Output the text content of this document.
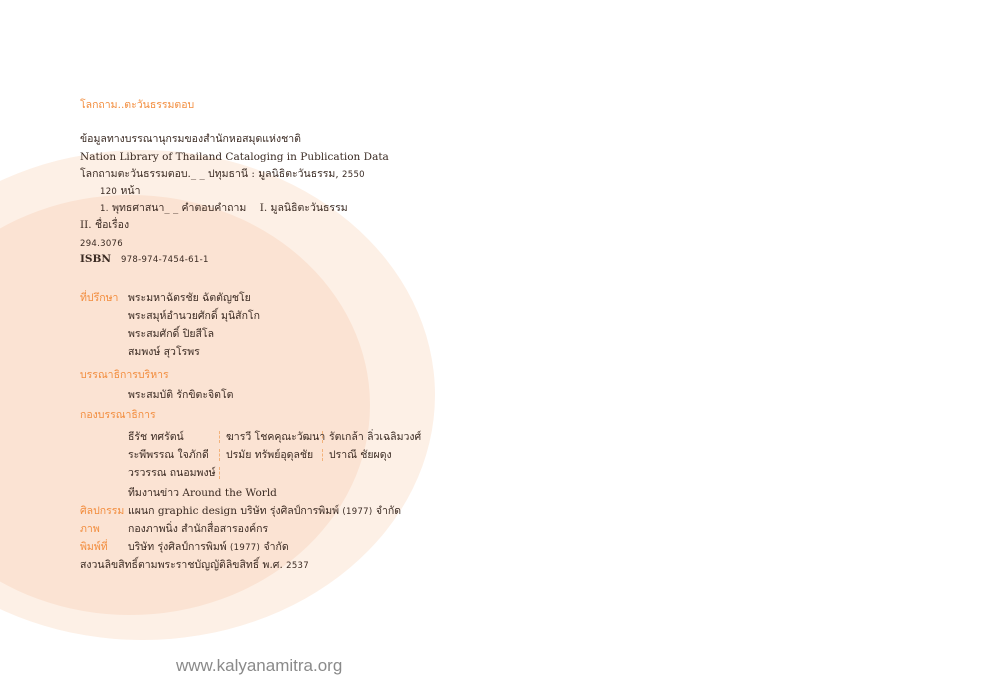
โลกถาม..ตะวันธรรมตอบ
ข้อมูลทางบรรณานุกรมของสำนักหอสมุดแห่งชาติ
Nation Library of Thailand Cataloging in Publication Data
โลกถามตะวันธรรมตอบ._ _ ปทุมธานี : มูลนิธิตะวันธรรม, 2550
120 หน้า
1. พุทธศาสนา_ _ คำตอบคำถาม I. มูลนิธิตะวันธรรม
II. ชื่อเรื่อง
294.3076
ISBN 978-974-7454-61-1
ที่ปรึกษา พระมหาฉัตรชัย ฉัตตัญชโย
พระสมุห์อำนวยศักดิ์ มุนิสักโก
พระสมศักดิ์ ปิยสีโล
สมพงษ์ สุวโรพร
บรรณาธิการบริหาร
พระสมบัติ รักขิตะจิตโต
กองบรรณาธิการ
ธีรัช ทศรัตน์
ระพีพรรณ ใจภักดี
วรวรรณ ถนอมพงษ์
ฆารวี โชคคุณะวัฒนา
ปรมัย ทรัพย์อุดุลชัย
รัตเกล้า ลิ่วเฉลิมวงศ์
ปราณี ชัยผดุง
ทีมงานข่าว Around the World
ศิลปกรรม แผนก graphic design บริษัท รุ่งศิลป์การพิมพ์ (1977) จำกัด
ภาพ	กองภาพนิ่ง สำนักสื่อสารองค์กร
พิมพ์ที่ บริษัท รุ่งศิลป์การพิมพ์ (1977) จำกัด
สงวนลิขสิทธิ์ตามพระราชบัญญัติลิขสิทธิ์ พ.ศ. 2537
www.kalyanamitra.org
